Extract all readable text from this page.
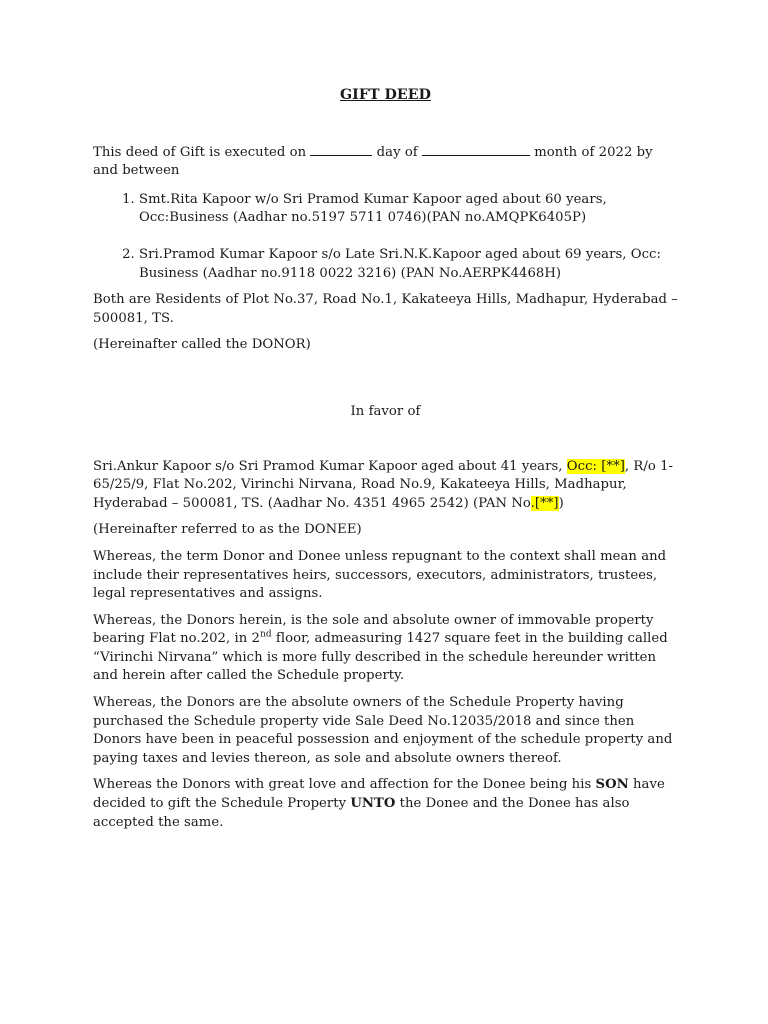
GIFT DEED

This deed of Gift is executed on	day of	month of 2022 by and between

1. Smt.Rita Kapoor w/o Sri Pramod Kumar Kapoor aged about 60 years, Occ:Business (Aadhar no.5197 5711 0746)(PAN no.AMQPK6405P)
2. Sri.Pramod Kumar Kapoor s/o Late Sri.N.K.Kapoor aged about 69 years, Occ: Business (Aadhar no.9118 0022 3216) (PAN No.AERPK4468H)

Both are Residents of Plot No.37, Road No.1, Kakateeya Hills, Madhapur, Hyderabad – 500081, TS.

(Hereinafter called the DONOR)

In favor of

Sri.Ankur Kapoor s/o Sri Pramod Kumar Kapoor aged about 41 years, Occ: [**], R/o 1-65/25/9, Flat No.202, Virinchi Nirvana, Road No.9, Kakateeya Hills, Madhapur, Hyderabad – 500081, TS. (Aadhar No. 4351 4965 2542) (PAN No.[**])

(Hereinafter referred to as the DONEE)

Whereas, the term Donor and Donee unless repugnant to the context shall mean and include their representatives heirs, successors, executors, administrators, trustees, legal representatives and assigns.

Whereas, the Donors herein, is the sole and absolute owner of immovable property bearing Flat no.202, in 2nd floor, admeasuring 1427 square feet in the building called “Virinchi Nirvana” which is more fully described in the schedule hereunder written and herein after called the Schedule property.

Whereas, the Donors are the absolute owners of the Schedule Property having purchased the Schedule property vide Sale Deed No.12035/2018 and since then Donors have been in peaceful possession and enjoyment of the schedule property and paying taxes and levies thereon, as sole and absolute owners thereof.

Whereas the Donors with great love and affection for the Donee being his SON have decided to gift the Schedule Property UNTO the Donee and the Donee has also accepted the same.
